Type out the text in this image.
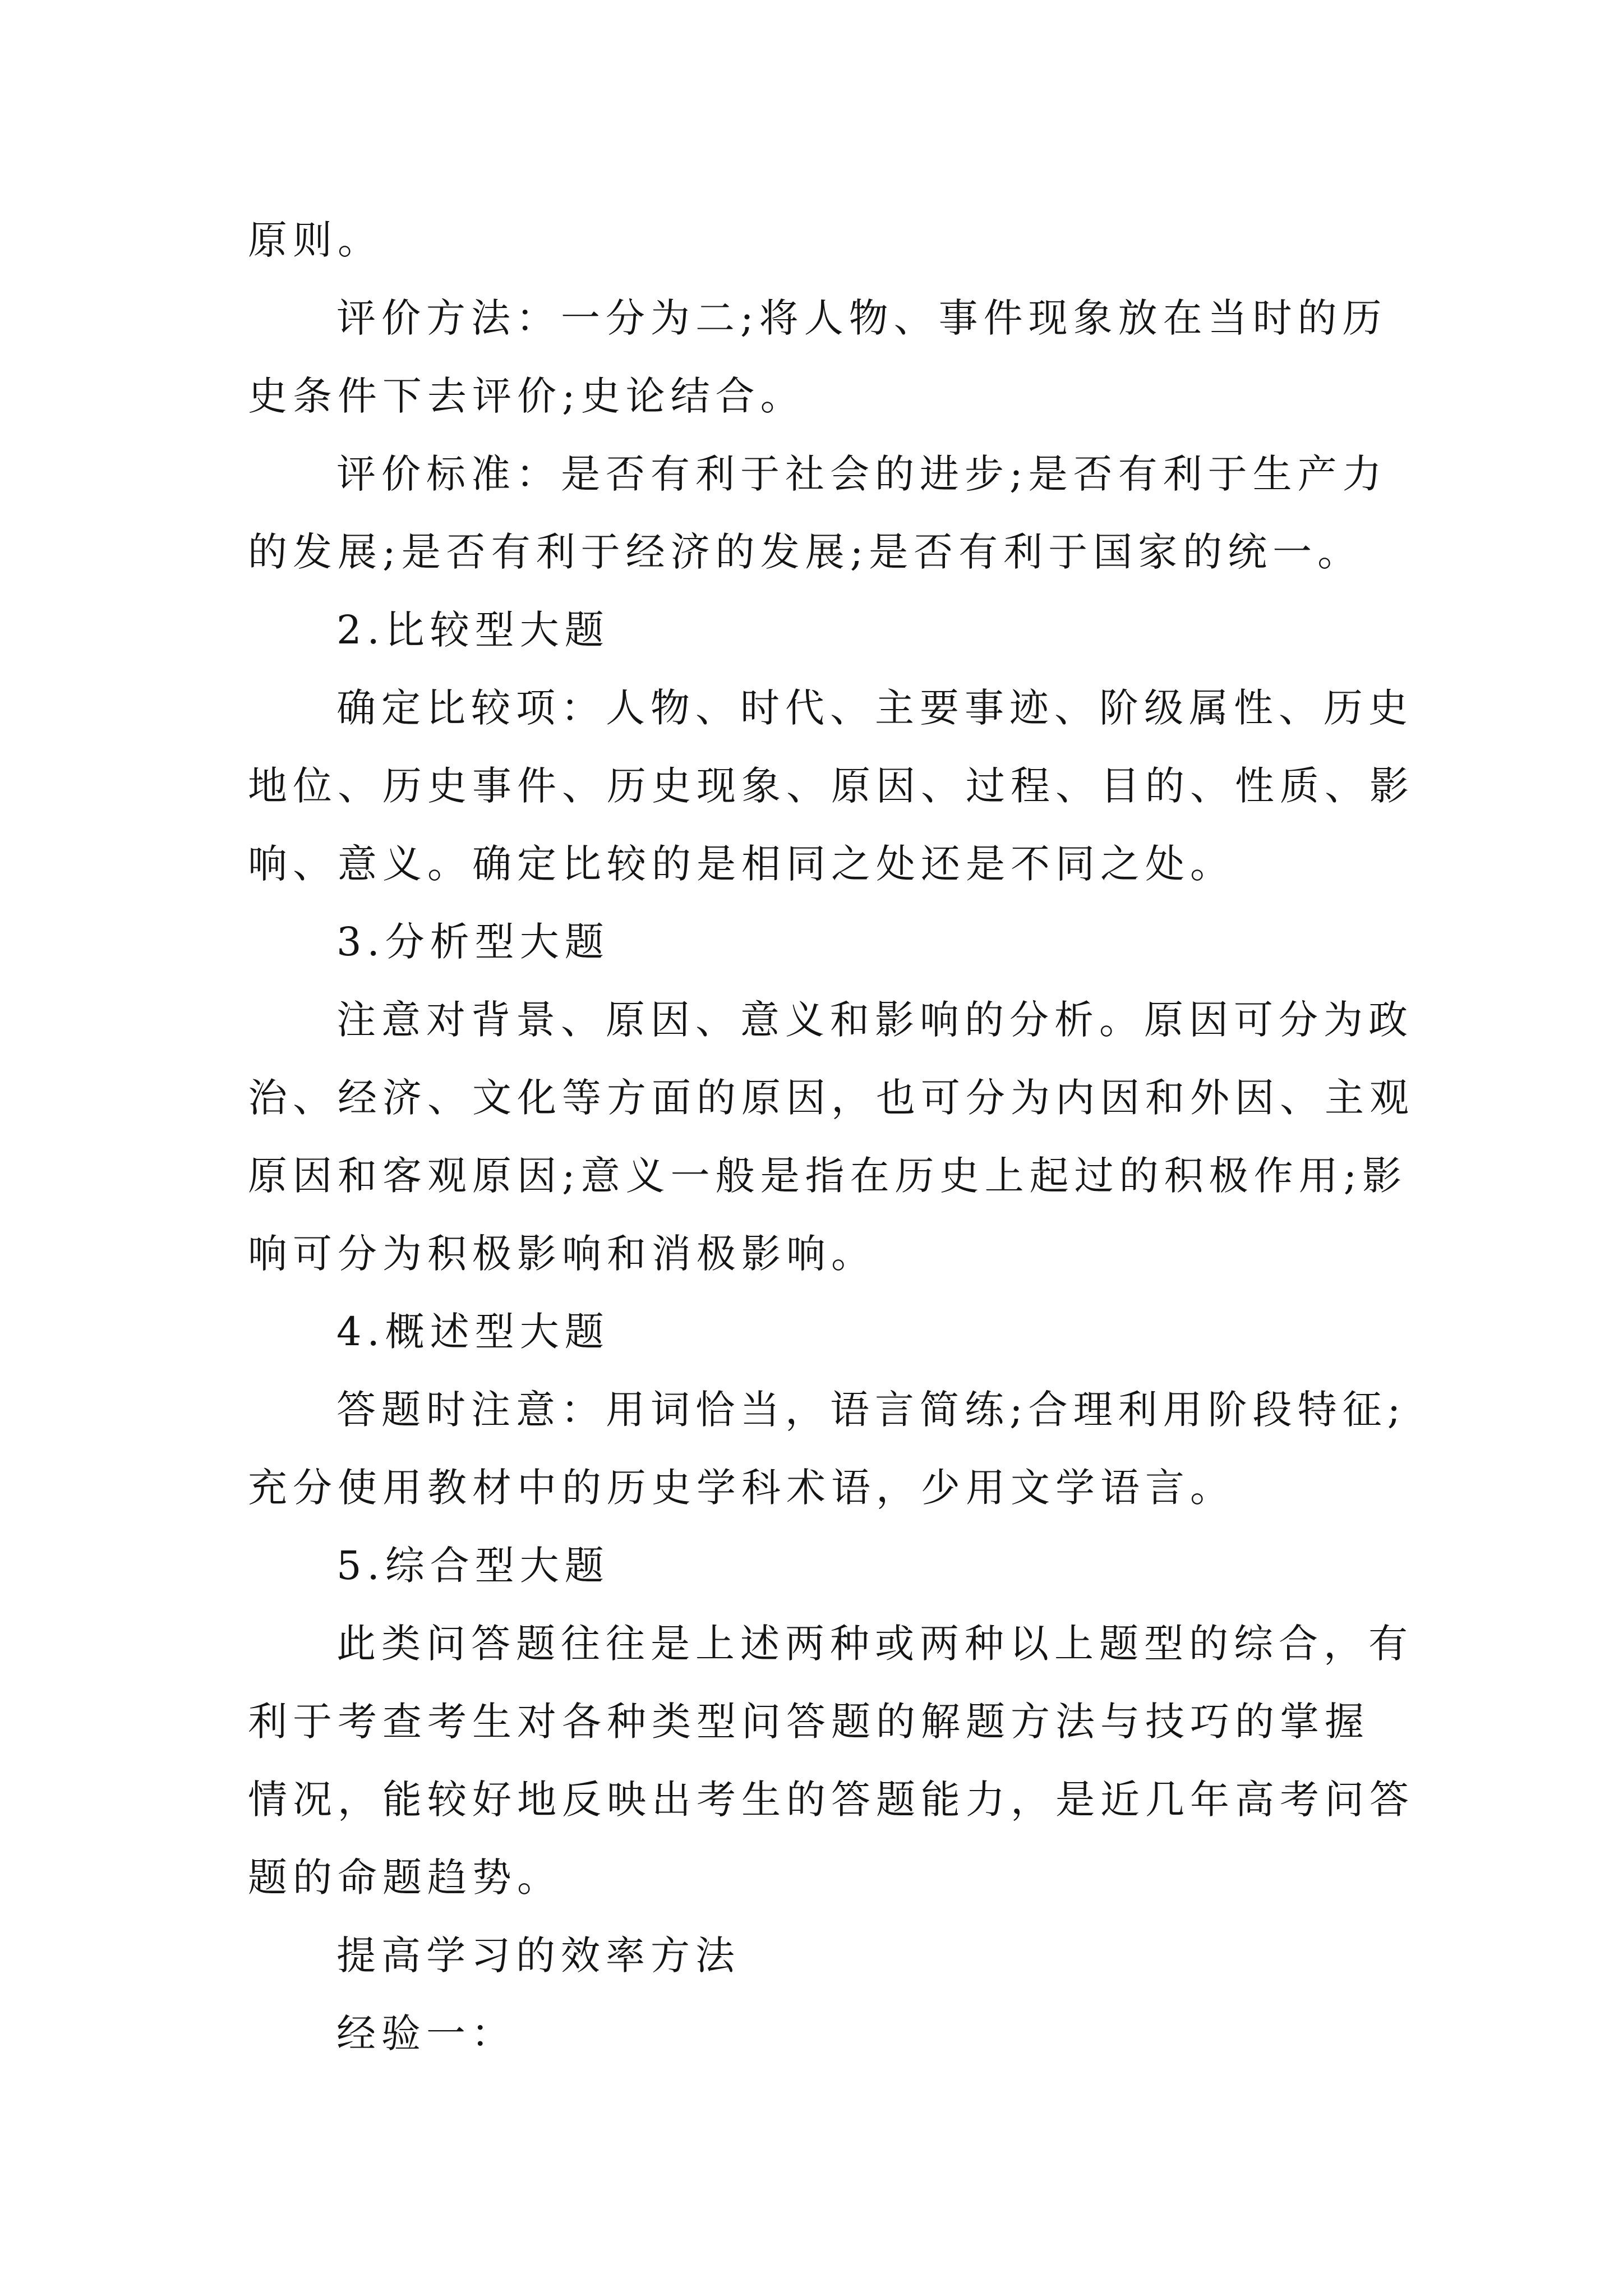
原则。
评价方法：一分为二;将人物、事件现象放在当时的历
史条件下去评价;史论结合。
评价标准：是否有利于社会的进步;是否有利于生产力
的发展;是否有利于经济的发展;是否有利于国家的统一。
2.比较型大题
确定比较项：人物、时代、主要事迹、阶级属性、历史
地位、历史事件、历史现象、原因、过程、目的、性质、影
响、意义。确定比较的是相同之处还是不同之处。
3.分析型大题
注意对背景、原因、意义和影响的分析。原因可分为政
治、经济、文化等方面的原因，也可分为内因和外因、主观
原因和客观原因;意义一般是指在历史上起过的积极作用;影
响可分为积极影响和消极影响。
4.概述型大题
答题时注意：用词恰当，语言简练;合理利用阶段特征;
充分使用教材中的历史学科术语，少用文学语言。
5.综合型大题
此类问答题往往是上述两种或两种以上题型的综合，有
利于考查考生对各种类型问答题的解题方法与技巧的掌握
情况，能较好地反映出考生的答题能力，是近几年高考问答
题的命题趋势。
提高学习的效率方法
经验一：
